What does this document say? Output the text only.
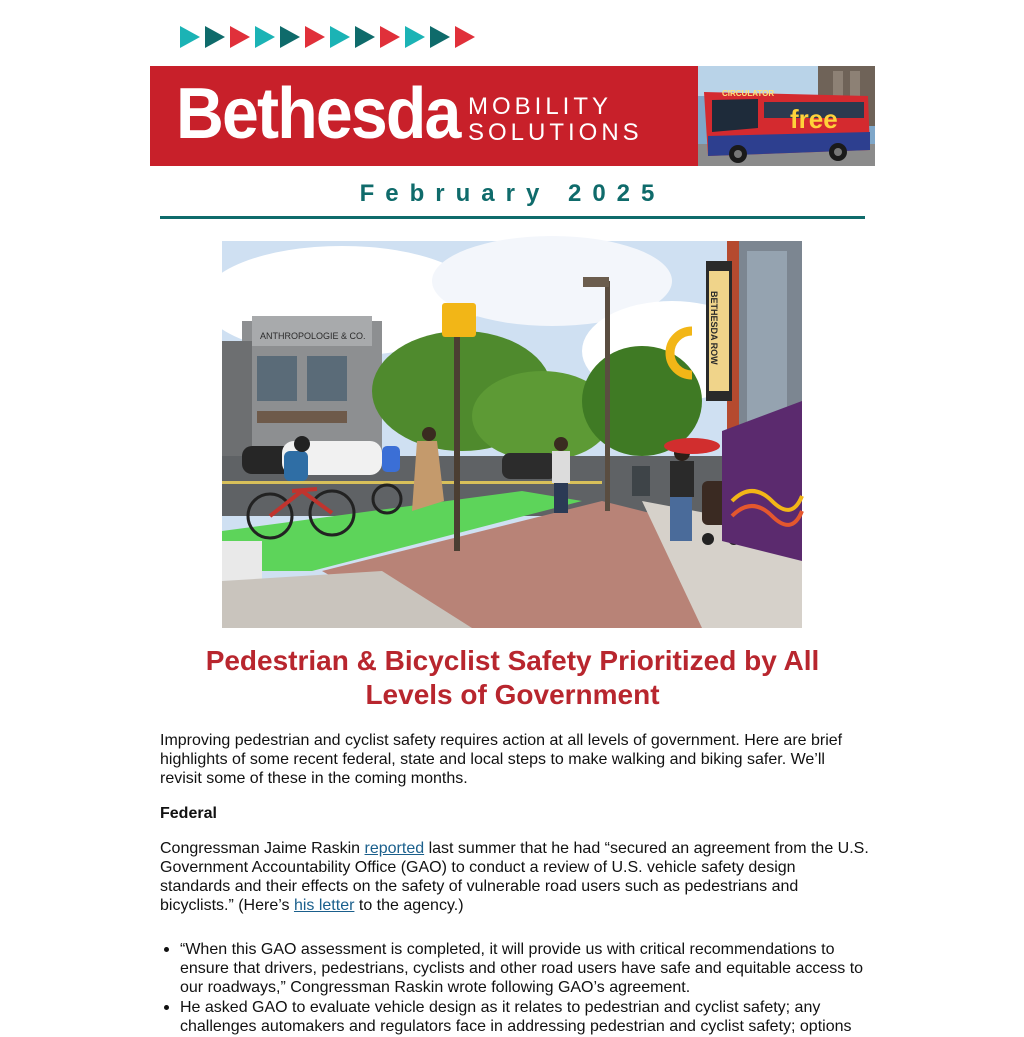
Bethesda MOBILITY
SOLUTIONS
CIRCULATOR
free
February 2025
ANTHROPOLOGIE & CO.	BETHESDA ROW
Pedestrian & Bicyclist Safety Prioritized by All Levels of Government

Improving pedestrian and cyclist safety requires action at all levels of government. Here are brief highlights of some recent federal, state and local steps to make walking and biking safer. We’ll revisit some of these in the coming months.

Federal

Congressman Jaime Raskin reported last summer that he had “secured an agreement from the U.S. Government Accountability Office (GAO) to conduct a review of U.S. vehicle safety design standards and their effects on the safety of vulnerable road users such as pedestrians and bicyclists.” (Here’s his letter to the agency.)

“When this GAO assessment is completed, it will provide us with critical recommendations to ensure that drivers, pedestrians, cyclists and other road users have safe and equitable access to our roadways,” Congressman Raskin wrote following GAO’s agreement.
He asked GAO to evaluate vehicle design as it relates to pedestrian and cyclist safety; any challenges automakers and regulators face in addressing pedestrian and cyclist safety; options
